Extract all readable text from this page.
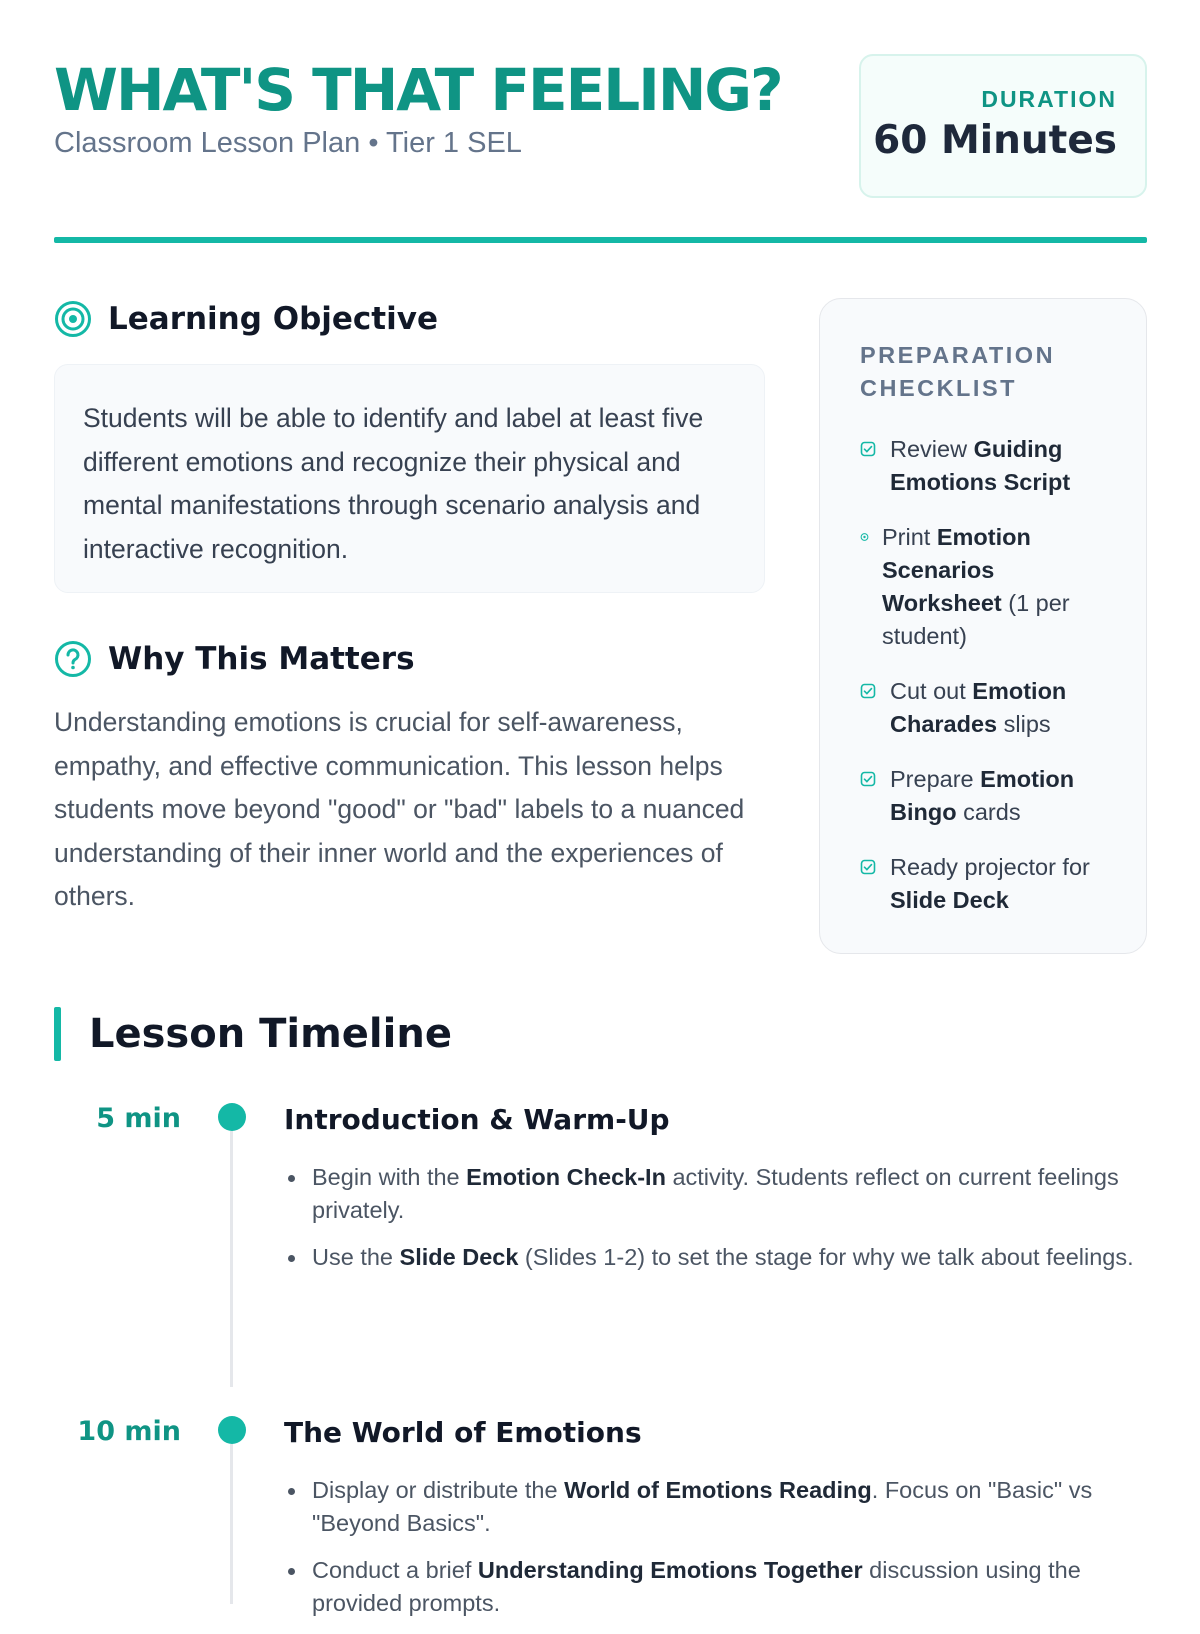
WHAT'S THAT FEELING?
Classroom Lesson Plan • Tier 1 SEL
DURATION
60 Minutes
Learning Objective
Students will be able to identify and label at least five different emotions and recognize their physical and mental manifestations through scenario analysis and interactive recognition.
Why This Matters
Understanding emotions is crucial for self-awareness, empathy, and effective communication. This lesson helps students move beyond "good" or "bad" labels to a nuanced understanding of their inner world and the experiences of others.
PREPARATION CHECKLIST
Review Guiding Emotions Script
Print Emotion Scenarios Worksheet (1 per student)
Cut out Emotion Charades slips
Prepare Emotion Bingo cards
Ready projector for Slide Deck
Lesson Timeline
5 min	Introduction & Warm-Up
Begin with the Emotion Check-In activity. Students reflect on current feelings privately.
Use the Slide Deck (Slides 1-2) to set the stage for why we talk about feelings.
10 min	The World of Emotions
Display or distribute the World of Emotions Reading. Focus on "Basic" vs "Beyond Basics".
Conduct a brief Understanding Emotions Together discussion using the provided prompts.
